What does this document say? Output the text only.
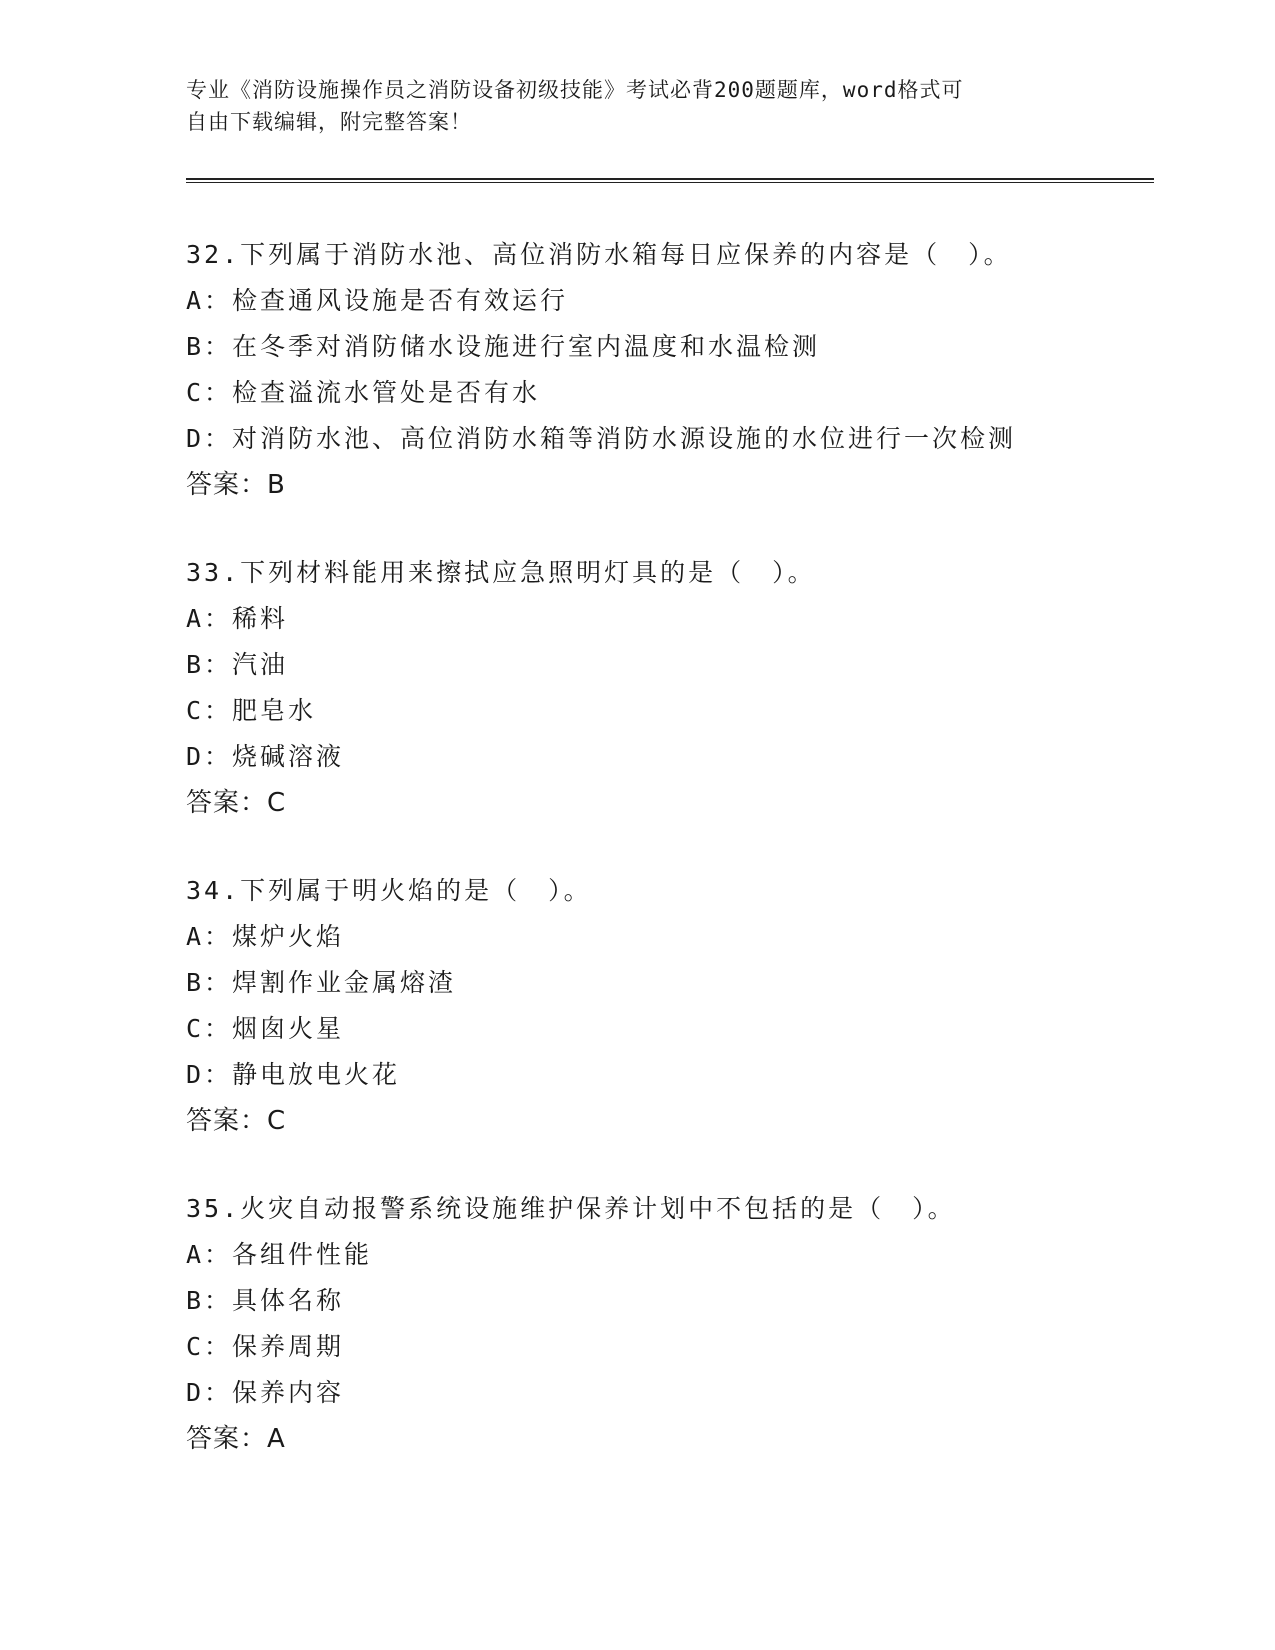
专业《消防设施操作员之消防设备初级技能》考试必背200题题库，word格式可
自由下载编辑，附完整答案！
32.下列属于消防水池、高位消防水箱每日应保养的内容是（　）。
A：检查通风设施是否有效运行
B：在冬季对消防储水设施进行室内温度和水温检测
C：检查溢流水管处是否有水
D：对消防水池、高位消防水箱等消防水源设施的水位进行一次检测
答案：B
33.下列材料能用来擦拭应急照明灯具的是（　）。
A：稀料
B：汽油
C：肥皂水
D：烧碱溶液
答案：C
34.下列属于明火焰的是（　）。
A：煤炉火焰
B：焊割作业金属熔渣
C：烟囱火星
D：静电放电火花
答案：C
35.火灾自动报警系统设施维护保养计划中不包括的是（　）。
A：各组件性能
B：具体名称
C：保养周期
D：保养内容
答案：A
